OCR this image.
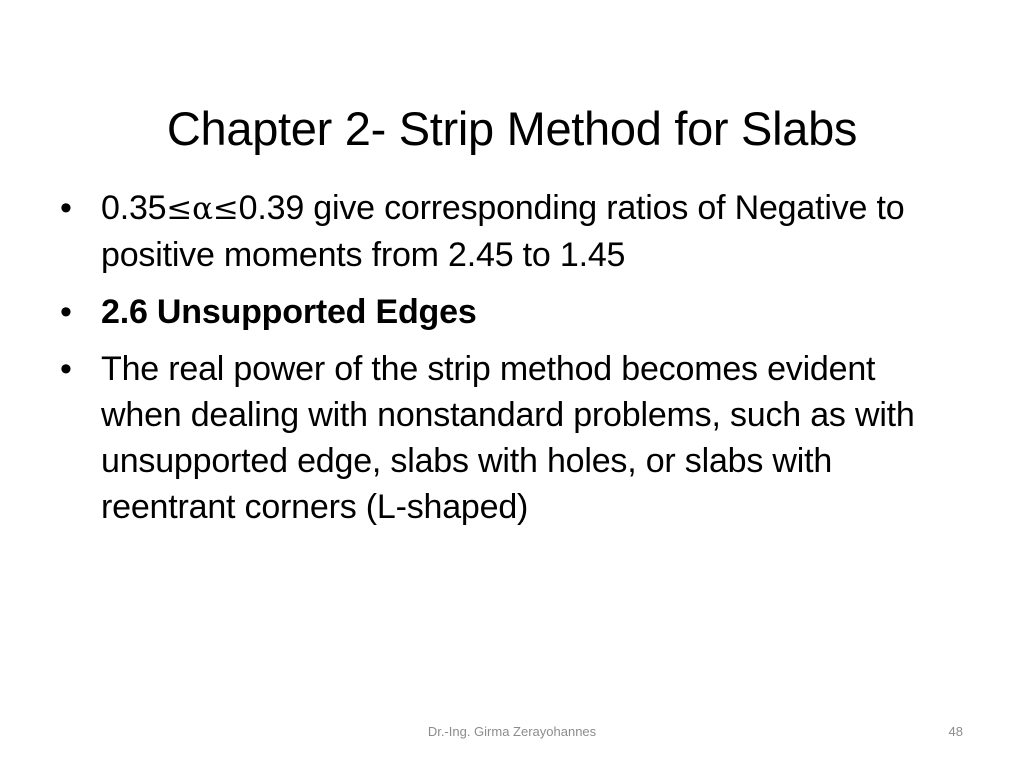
Chapter 2- Strip Method for Slabs
• 0.35≤α≤0.39 give corresponding ratios of Negative to positive moments from 2.45 to 1.45
• 2.6 Unsupported Edges
• The real power of the strip method becomes evident when dealing with nonstandard problems, such as with unsupported edge, slabs with holes, or slabs with reentrant corners (L-shaped)
Dr.-Ing. Girma Zerayohannes	48
